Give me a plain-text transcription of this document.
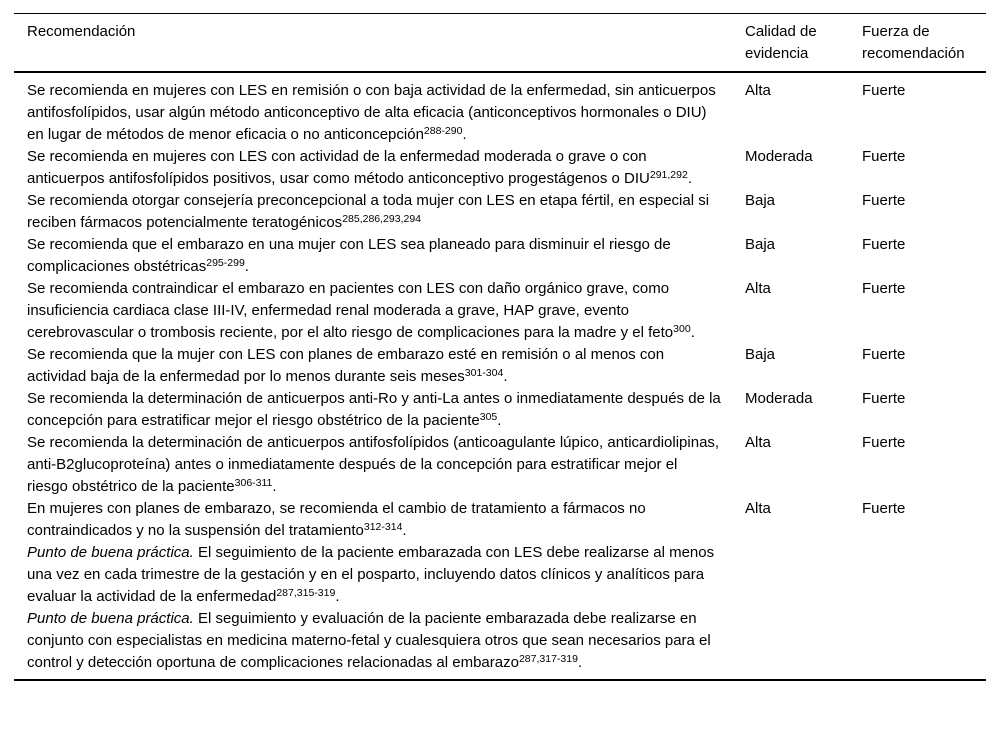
Recomendación	Calidad de evidencia	Fuerza de recomendación
Se recomienda en mujeres con LES en remisión o con baja actividad de la enfermedad, sin anticuerpos antifosfolípidos, usar algún método anticonceptivo de alta eficacia (anticonceptivos hormonales o DIU) en lugar de métodos de menor eficacia o no anticoncepción$^{288-290}$.	Alta	Fuerte
Se recomienda en mujeres con LES con actividad de la enfermedad moderada o grave o con anticuerpos antifosfolípidos positivos, usar como método anticonceptivo progestágenos o DIU$^{291,292}$.	Moderada	Fuerte
Se recomienda otorgar consejería preconcepcional a toda mujer con LES en etapa fértil, en especial si reciben fármacos potencialmente teratogénicos$^{285,286,293,294}$	Baja	Fuerte
Se recomienda que el embarazo en una mujer con LES sea planeado para disminuir el riesgo de complicaciones obstétricas$^{295-299}$.	Baja	Fuerte
Se recomienda contraindicar el embarazo en pacientes con LES con daño orgánico grave, como insuficiencia cardiaca clase III-IV, enfermedad renal moderada a grave, HAP grave, evento cerebrovascular o trombosis reciente, por el alto riesgo de complicaciones para la madre y el feto$^{300}$.	Alta	Fuerte
Se recomienda que la mujer con LES con planes de embarazo esté en remisión o al menos con actividad baja de la enfermedad por lo menos durante seis meses$^{301-304}$.	Baja	Fuerte
Se recomienda la determinación de anticuerpos anti-Ro y anti-La antes o inmediatamente después de la concepción para estratificar mejor el riesgo obstétrico de la paciente$^{305}$.	Moderada	Fuerte
Se recomienda la determinación de anticuerpos antifosfolípidos (anticoagulante lúpico, anticardiolipinas, anti-B2glucoproteína) antes o inmediatamente después de la concepción para estratificar mejor el riesgo obstétrico de la paciente$^{306-311}$.	Alta	Fuerte
En mujeres con planes de embarazo, se recomienda el cambio de tratamiento a fármacos no contraindicados y no la suspensión del tratamiento$^{312-314}$.	Alta	Fuerte
Punto de buena práctica. El seguimiento de la paciente embarazada con LES debe realizarse al menos una vez en cada trimestre de la gestación y en el posparto, incluyendo datos clínicos y analíticos para evaluar la actividad de la enfermedad$^{287,315-319}$.		
Punto de buena práctica. El seguimiento y evaluación de la paciente embarazada debe realizarse en conjunto con especialistas en medicina materno-fetal y cualesquiera otros que sean necesarios para el control y detección oportuna de complicaciones relacionadas al embarazo$^{287,317-319}$.		
